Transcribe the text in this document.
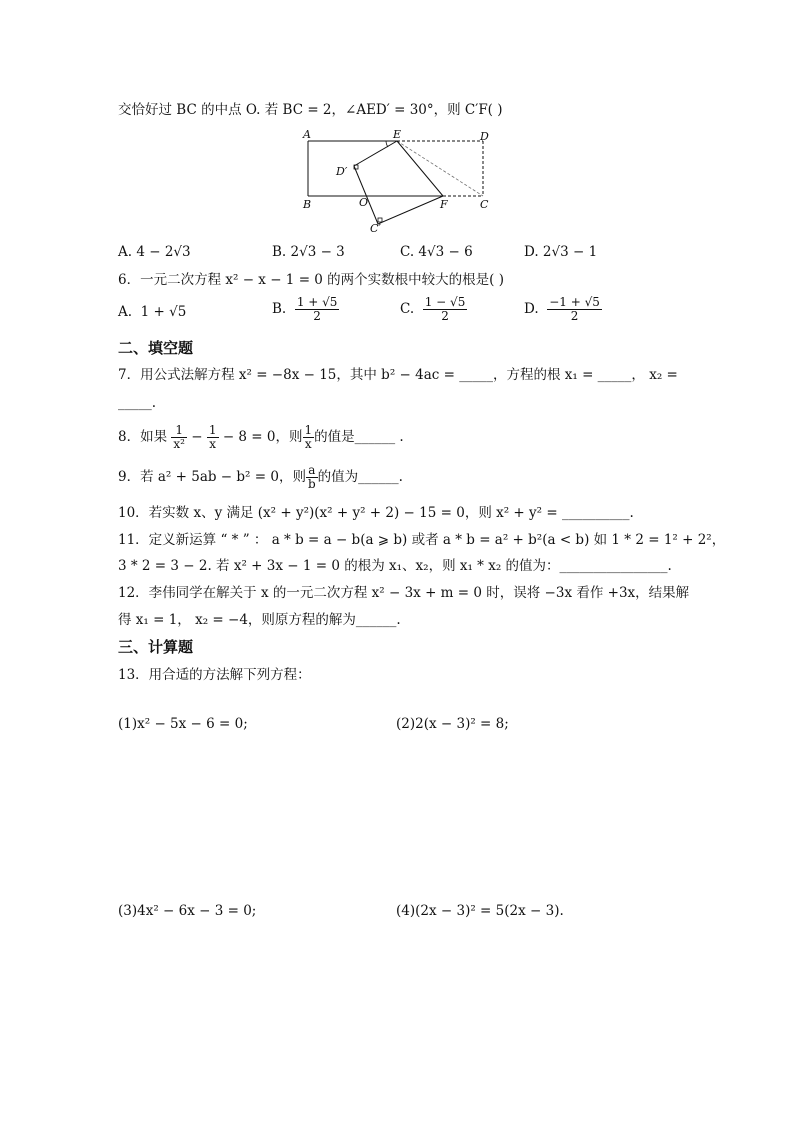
交恰好过 BC 的中点 O. 若 BC = 2，∠AED′ = 30°，则 C′F( )
A	E	D
D′
B	O	F	C
C′
A. 4 − 2√3	B. 2√3 − 3	C. 4√3 − 6	D. 2√3 − 1
6．一元二次方程 x² − x − 1 = 0 的两个实数根中较大的根是( )
A. 1 + √5	B. $\frac{1 + √5}{2}$	C. $\frac{1 - √5}{2}$	D. $\frac{-1 + √5}{2}$
二、填空题
7．用公式法解方程 x² = −8x − 15，其中 b² − 4ac = _____，方程的根 x₁ = _____， x₂ =
_____.
8．如果 $\frac{1}{\text{x²}} - \frac{1}{x} - 8 = 0$，则 $\frac{1}{x}$ 的值是______ .
9．若 a² + 5ab − b² = 0，则 $\frac{a}{b}$ 的值为______.
10．若实数 x、y 满足 (x² + y²)(x² + y² + 2) − 15 = 0，则 x² + y² = __________.
11．定义新运算 “ * ” ： a * b = a − b(a ⩾ b) 或者 a * b = a² + b²(a < b) 如 1 * 2 = 1² + 2²，
3 * 2 = 3 − 2. 若 x² + 3x − 1 = 0 的根为 x₁、x₂，则 x₁ * x₂ 的值为：________________.
12．李伟同学在解关于 x 的一元二次方程 x² − 3x + m = 0 时，误将 −3x 看作 +3x，结果解
得 x₁ = 1， x₂ = −4，则原方程的解为______.
三、计算题
13．用合适的方法解下列方程：
(1)x² − 5x − 6 = 0;	(2)2(x − 3)² = 8;
(3)4x² − 6x − 3 = 0;	(4)(2x − 3)² = 5(2x − 3).
